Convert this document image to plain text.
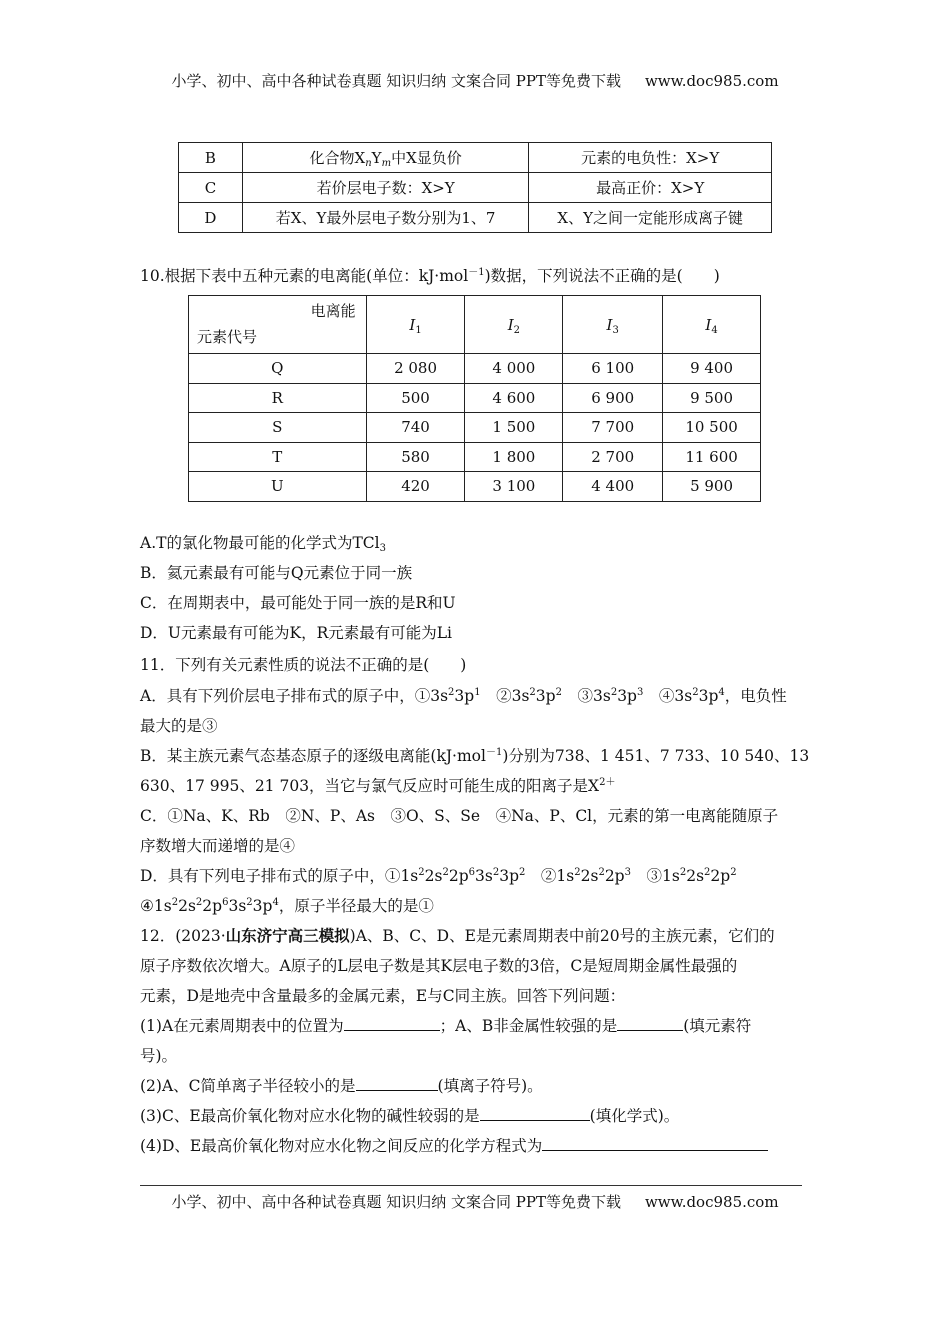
小学、初中、高中各种试卷真题 知识归纳 文案合同 PPT等免费下载 www.doc985.com
B	化合物$X_nY_m$中X显负价	元素的电负性：X>Y
C	若价层电子数：X>Y	最高正价：X>Y
D	若X、Y最外层电子数分别为1、7	X、Y之间一定能形成离子键
10.根据下表中五种元素的电离能(单位：kJ·mol$^{-1}$)数据，下列说法不正确的是(　　)
电离能
元素代号	$I_1$	$I_2$	$I_3$	$I_4$
Q	2 080	4 000	6 100	9 400
R	500	4 600	6 900	9 500
S	740	1 500	7 700	10 500
T	580	1 800	2 700	11 600
U	420	3 100	4 400	5 900
A.T的氯化物最可能的化学式为TCl$_3$
B．氦元素最有可能与Q元素位于同一族
C．在周期表中，最可能处于同一族的是R和U
D．U元素最有可能为K，R元素最有可能为Li
11．下列有关元素性质的说法不正确的是(　　)
A．具有下列价层电子排布式的原子中，$①3s^23p^1$　 $②3s^23p^2$　 $③3s^23p^3$　 $④3s^23p^4$，电负性
最大的是③
B．某主族元素气态基态原子的逐级电离能(kJ·mol$^{-1}$)分别为738、1 451、7 733、10 540、13
630、17 995、21 703，当它与氯气反应时可能生成的阳离子是$X^{2+}$
C．①Na、K、Rb　②N、P、As　③O、S、Se　④Na、P、Cl，元素的第一电离能随原子
序数增大而递增的是④
D．具有下列电子排布式的原子中，$①1s^22s^22p^63s^23p^2$　 $②1s^22s^22p^3$　 $③1s^22s^22p^2$
$④1s^22s^22p^63s^23p^4$，原子半径最大的是①
12．(2023·山东济宁高三模拟)A、B、C、D、E是元素周期表中前20号的主族元素，它们的
原子序数依次增大。A原子的L层电子数是其K层电子数的3倍，C是短周期金属性最强的
元素，D是地壳中含量最多的金属元素，E与C同主族。回答下列问题：
(1)A在元素周期表中的位置为	；A、B非金属性较强的是	(填元素符
号)。
(2)A、C简单离子半径较小的是	(填离子符号)。
(3)C、E最高价氧化物对应水化物的碱性较弱的是	(填化学式)。
(4)D、E最高价氧化物对应水化物之间反应的化学方程式为
小学、初中、高中各种试卷真题 知识归纳 文案合同 PPT等免费下载 www.doc985.com
